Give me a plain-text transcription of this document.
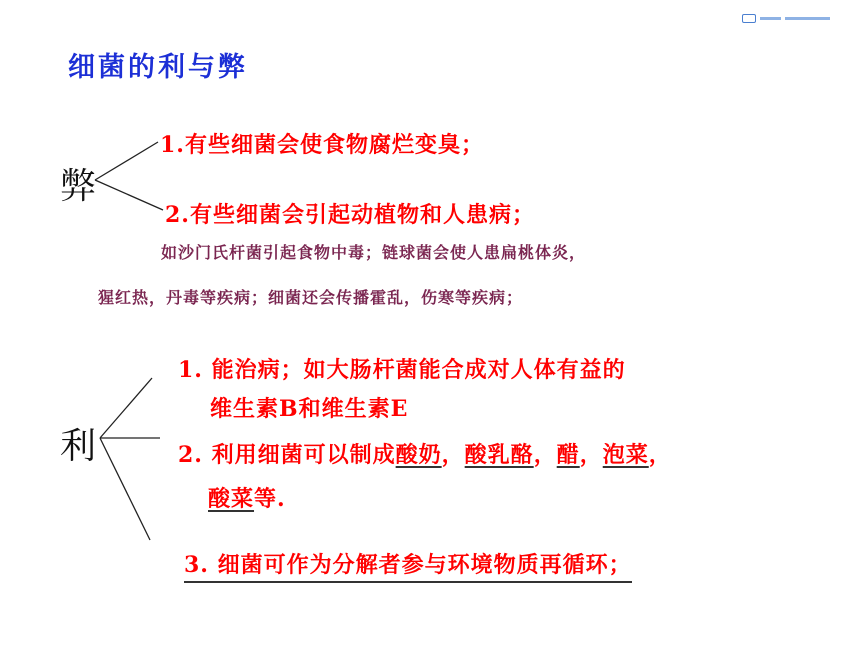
细菌的利与弊
弊
1.有些细菌会使食物腐烂变臭；
2.有些细菌会引起动植物和人患病；
如沙门氏杆菌引起食物中毒；链球菌会使人患扁桃体炎，
猩红热，丹毒等疾病；细菌还会传播霍乱，伤寒等疾病；
利
1. 能治病；如大肠杆菌能合成对人体有益的
维生素B和维生素E
2. 利用细菌可以制成酸奶，酸乳酪，醋，泡菜，
酸菜等.
3. 细菌可作为分解者参与环境物质再循环；
